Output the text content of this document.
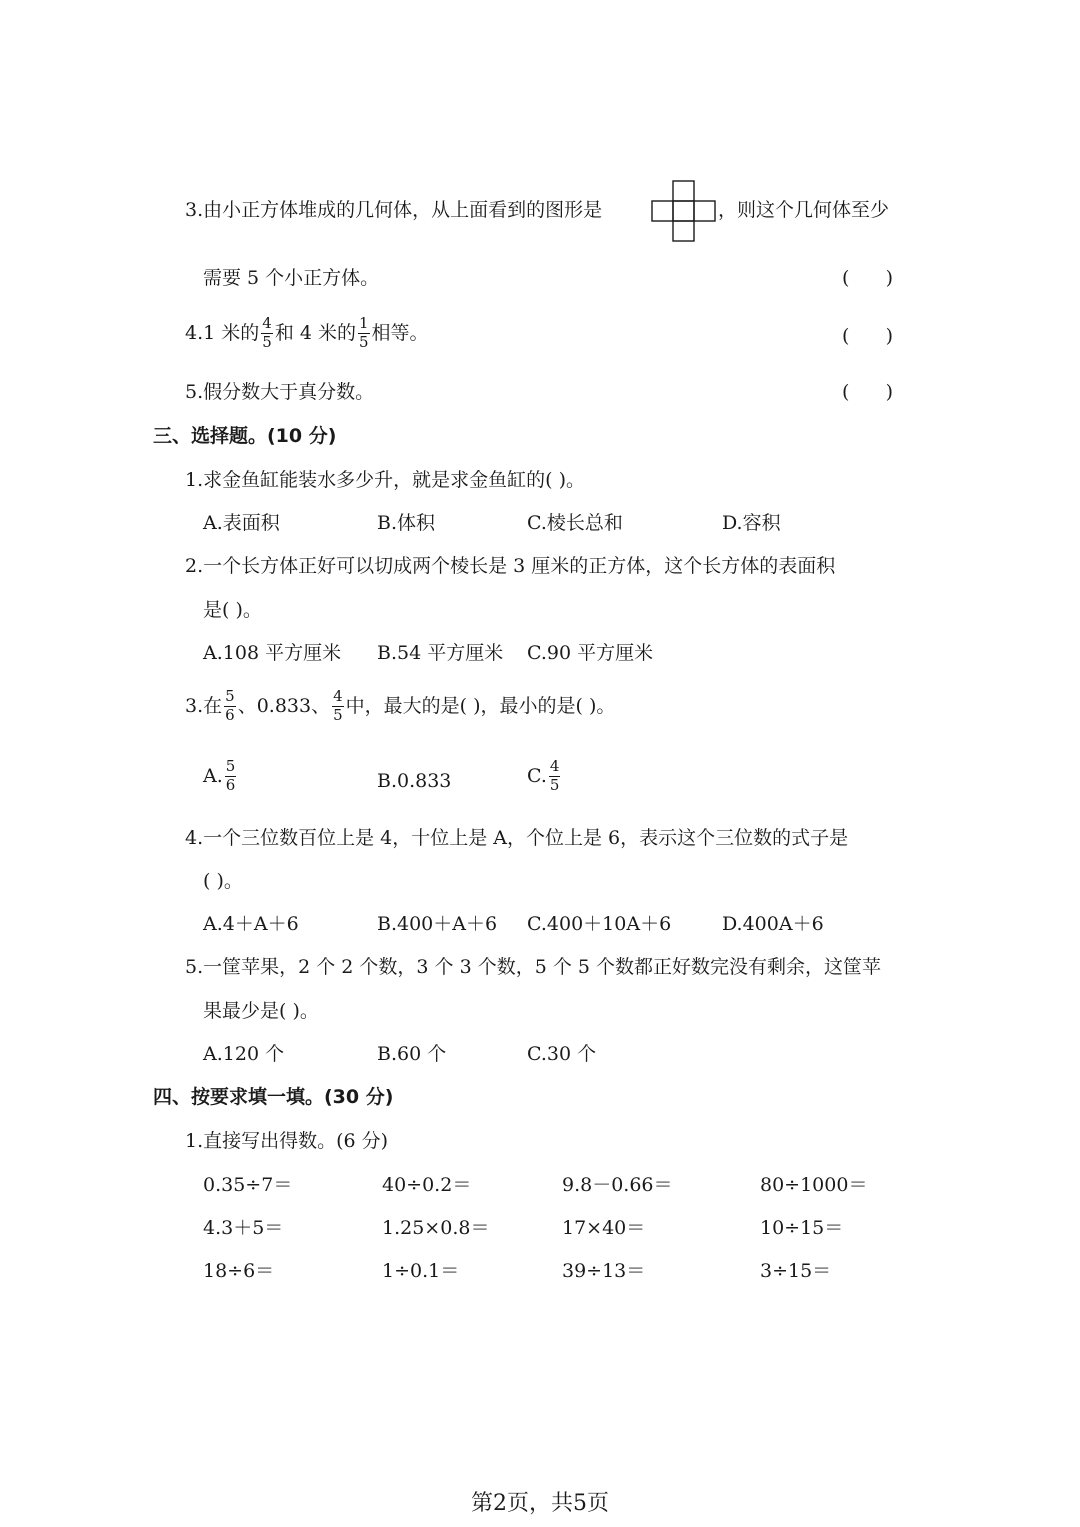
3.由小正方体堆成的几何体，从上面看到的图形是	，则这个几何体至少
需要 5 个小正方体。	(      )
4.1 米的 $\frac{4}{5}$ 和 4 米的 $\frac{1}{5}$ 相等。	(      )
5.假分数大于真分数。	(      )
三、选择题。(10 分)
1.求金鱼缸能装水多少升，就是求金鱼缸的( )。
A.表面积	B.体积	C.棱长总和	D.容积
2.一个长方体正好可以切成两个棱长是 3 厘米的正方体，这个长方体的表面积
是( )。
A.108 平方厘米 B.54 平方厘米 C.90 平方厘米
3.在 $\frac{5}{6}$ 、0.833、 $\frac{4}{5}$ 中，最大的是( )，最小的是( )。
A. $\frac{5}{6}$	B.0.833	C. $\frac{4}{5}$
4.一个三位数百位上是 4，十位上是 A，个位上是 6，表示这个三位数的式子是
( )。
A.4＋A＋6	B.400＋A＋6 C.400＋10A＋6	D.400A＋6
5.一筐苹果，2 个 2 个数，3 个 3 个数，5 个 5 个数都正好数完没有剩余，这筐苹
果最少是( )。
A.120 个	B.60 个	C.30 个
四、按要求填一填。(30 分)
1.直接写出得数。(6 分)
0.35÷7＝	40÷0.2＝	9.8－0.66＝	80÷1000＝
4.3＋5＝	1.25×0.8＝	17×40＝	10÷15＝
18÷6＝	1÷0.1＝	39÷13＝	3÷15＝
第2页，共5页
